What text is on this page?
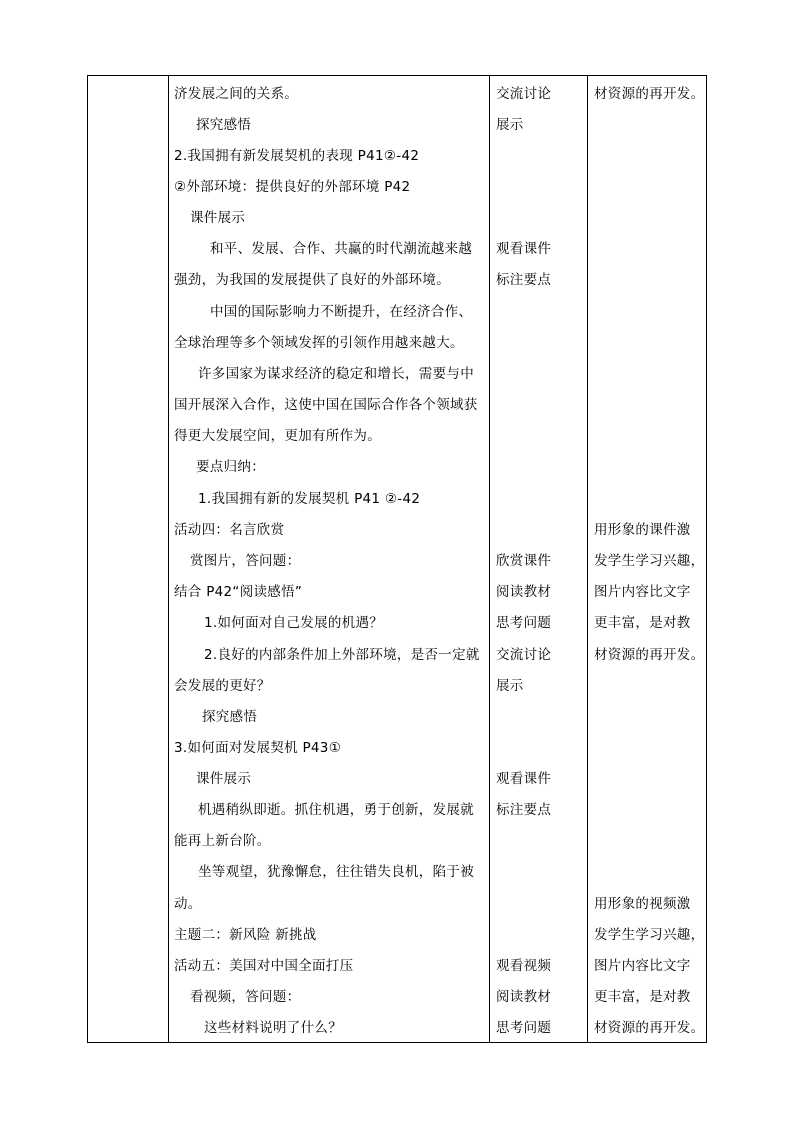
济发展之间的关系。
探究感悟
2.我国拥有新发展契机的表现 P41②-42
②外部环境：提供良好的外部环境 P42
课件展示
和平、发展、合作、共赢的时代潮流越来越
强劲，为我国的发展提供了良好的外部环境。
中国的国际影响力不断提升，在经济合作、
全球治理等多个领域发挥的引领作用越来越大。
许多国家为谋求经济的稳定和增长，需要与中
国开展深入合作，这使中国在国际合作各个领域获
得更大发展空间，更加有所作为。
要点归纳：
1.我国拥有新的发展契机 P41 ②-42
活动四：名言欣赏
赏图片，答问题：
结合 P42“阅读感悟”
1.如何面对自己发展的机遇？
2.良好的内部条件加上外部环境，是否一定就
会发展的更好？
探究感悟
3.如何面对发展契机 P43①
课件展示
机遇稍纵即逝。抓住机遇，勇于创新，发展就
能再上新台阶。
坐等观望，犹豫懈怠，往往错失良机，陷于被
动。
主题二：新风险 新挑战
活动五：美国对中国全面打压
看视频，答问题：
这些材料说明了什么？
交流讨论
展示
观看课件
标注要点
欣赏课件
阅读教材
思考问题
交流讨论
展示
观看课件
标注要点
观看视频
阅读教材
思考问题
材资源的再开发。
用形象的课件激
发学生学习兴趣，
图片内容比文字
更丰富，是对教
材资源的再开发。
用形象的视频激
发学生学习兴趣，
图片内容比文字
更丰富，是对教
材资源的再开发。
